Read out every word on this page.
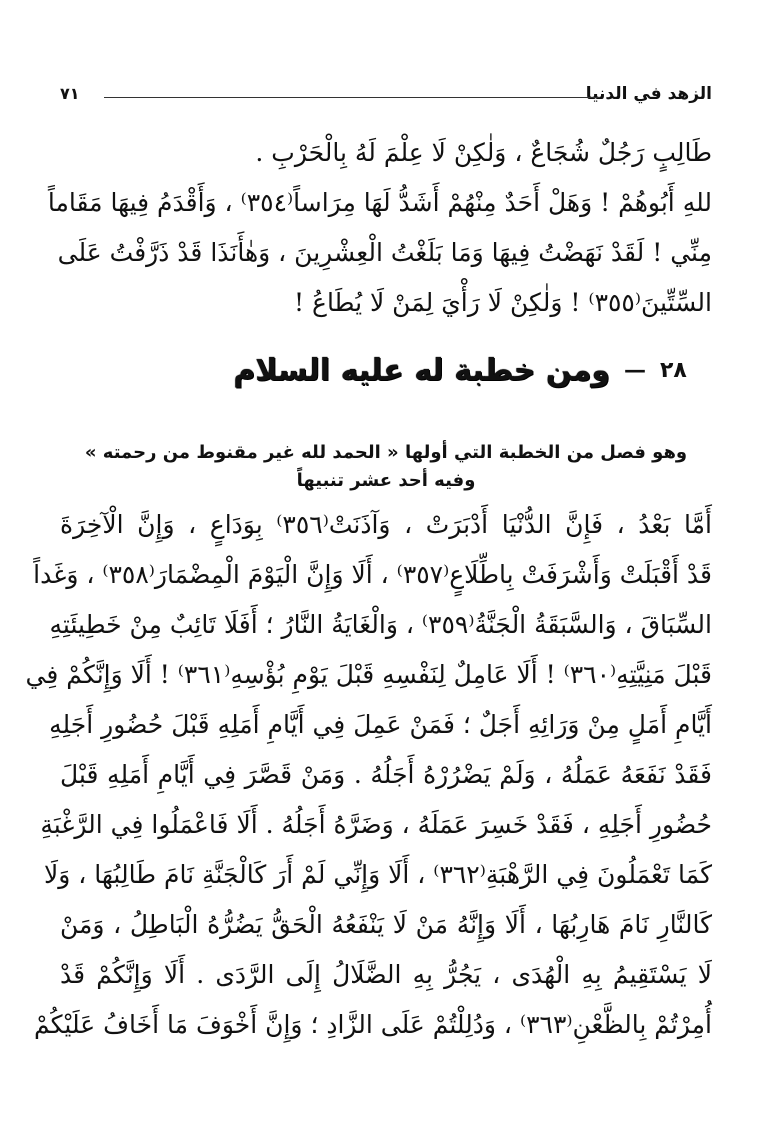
الزهد في الدنيا
٧١
طَالِبٍ رَجُلٌ شُجَاعٌ ، وَلٰكِنْ لَا عِلْمَ لَهُ بِالْحَرْبِ .
للهِ أَبُوهُمْ ! وَهَلْ أَحَدٌ مِنْهُمْ أَشَدُّ لَهَا مِرَاساً⁽٣٥٤⁾ ، وَأَقْدَمُ فِيهَا مَقَاماً
مِنِّي ! لَقَدْ نَهَضْتُ فِيهَا وَمَا بَلَغْتُ الْعِشْرِينَ ، وَهٰأَنَذَا قَدْ ذَرَّفْتُ عَلَى
السِّتِّينَ⁽٣٥٥⁾ ! وَلٰكِنْ لَا رَأْيَ لِمَنْ لَا يُطَاعُ !
٢٨
—
ومن خطبة له عليه السلام
وهو فصل من الخطبة التي أولها « الحمد لله غير مقنوط من رحمته »
وفيه أحد عشر تنبيهاً
أَمَّا بَعْدُ ، فَإِنَّ الدُّنْيَا أَدْبَرَتْ ، وَآذَنَتْ⁽٣٥٦⁾ بِوَدَاعٍ ، وَإِنَّ الْآخِرَةَ
قَدْ أَقْبَلَتْ وَأَشْرَفَتْ بِاطِّلَاعٍ⁽٣٥٧⁾ ، أَلَا وَإِنَّ الْيَوْمَ الْمِضْمَارَ⁽٣٥٨⁾ ، وَغَداً
السِّبَاقَ ، وَالسَّبَقَةُ الْجَنَّةُ⁽٣٥٩⁾ ، وَالْغَايَةُ النَّارُ ؛ أَفَلَا تَائِبٌ مِنْ خَطِيئَتِهِ
قَبْلَ مَنِيَّتِهِ⁽٣٦٠⁾ ! أَلَا عَامِلٌ لِنَفْسِهِ قَبْلَ يَوْمِ بُؤْسِهِ⁽٣٦١⁾ ! أَلَا وَإِنَّكُمْ فِي
أَيَّامِ أَمَلٍ مِنْ وَرَائِهِ أَجَلٌ ؛ فَمَنْ عَمِلَ فِي أَيَّامِ أَمَلِهِ قَبْلَ حُضُورِ أَجَلِهِ
فَقَدْ نَفَعَهُ عَمَلُهُ ، وَلَمْ يَضْرُرْهُ أَجَلُهُ . وَمَنْ قَصَّرَ فِي أَيَّامِ أَمَلِهِ قَبْلَ
حُضُورِ أَجَلِهِ ، فَقَدْ خَسِرَ عَمَلَهُ ، وَضَرَّهُ أَجَلُهُ . أَلَا فَاعْمَلُوا فِي الرَّغْبَةِ
كَمَا تَعْمَلُونَ فِي الرَّهْبَةِ⁽٣٦٢⁾ ، أَلَا وَإِنِّي لَمْ أَرَ كَالْجَنَّةِ نَامَ طَالِبُهَا ، وَلَا
كَالنَّارِ نَامَ هَارِبُهَا ، أَلَا وَإِنَّهُ مَنْ لَا يَنْفَعُهُ الْحَقُّ يَضُرُّهُ الْبَاطِلُ ، وَمَنْ
لَا يَسْتَقِيمُ بِهِ الْهُدَى ، يَجُرُّ بِهِ الضَّلَالُ إِلَى الرَّدَى . أَلَا وَإِنَّكُمْ قَدْ
أُمِرْتُمْ بِالظَّعْنِ⁽٣٦٣⁾ ، وَدُلِلْتُمْ عَلَى الزَّادِ ؛ وَإِنَّ أَخْوَفَ مَا أَخَافُ عَلَيْكُمْ
